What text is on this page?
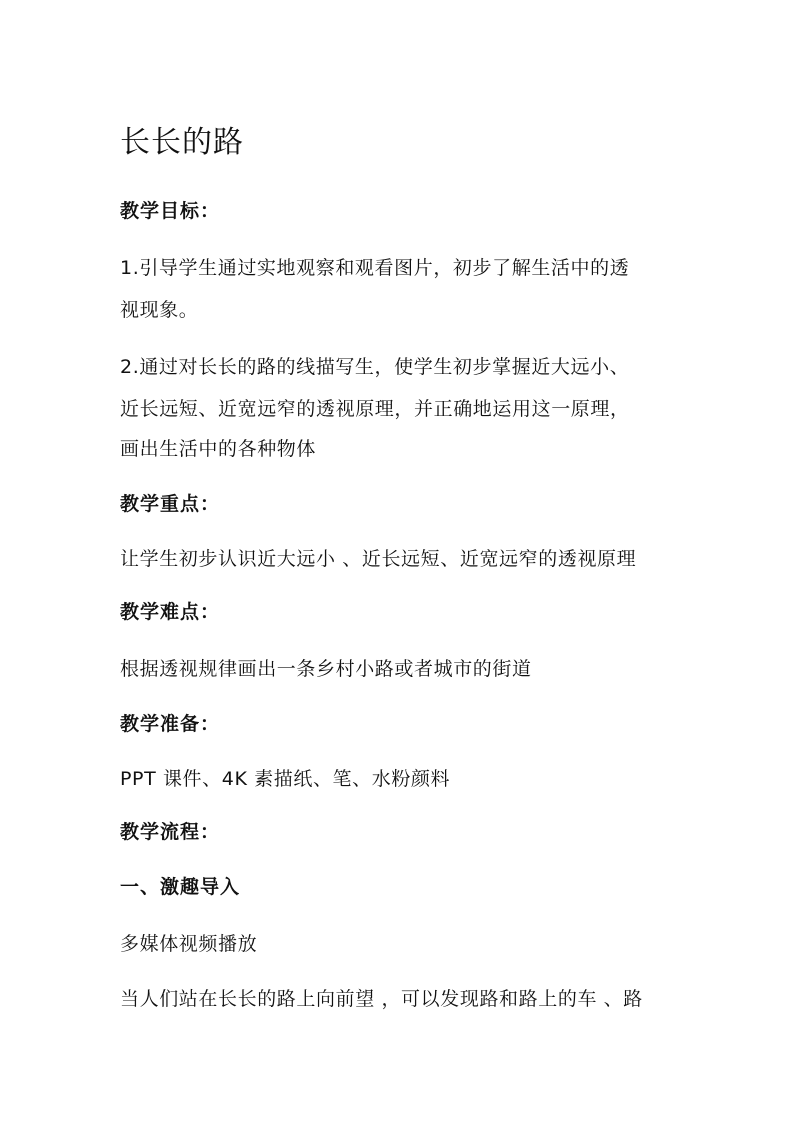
长长的路
教学目标：
1.引导学生通过实地观察和观看图片，初步了解生活中的透
视现象。
2.通过对长长的路的线描写生，使学生初步掌握近大远小、
近长远短、近宽远窄的透视原理，并正确地运用这一原理，
画出生活中的各种物体
教学重点：
让学生初步认识近大远小 、近长远短、近宽远窄的透视原理
教学难点：
根据透视规律画出一条乡村小路或者城市的街道
教学准备：
PPT 课件、4K 素描纸、笔、水粉颜料
教学流程：
一、激趣导入
多媒体视频播放
当人们站在长长的路上向前望 ，可以发现路和路上的车 、路
